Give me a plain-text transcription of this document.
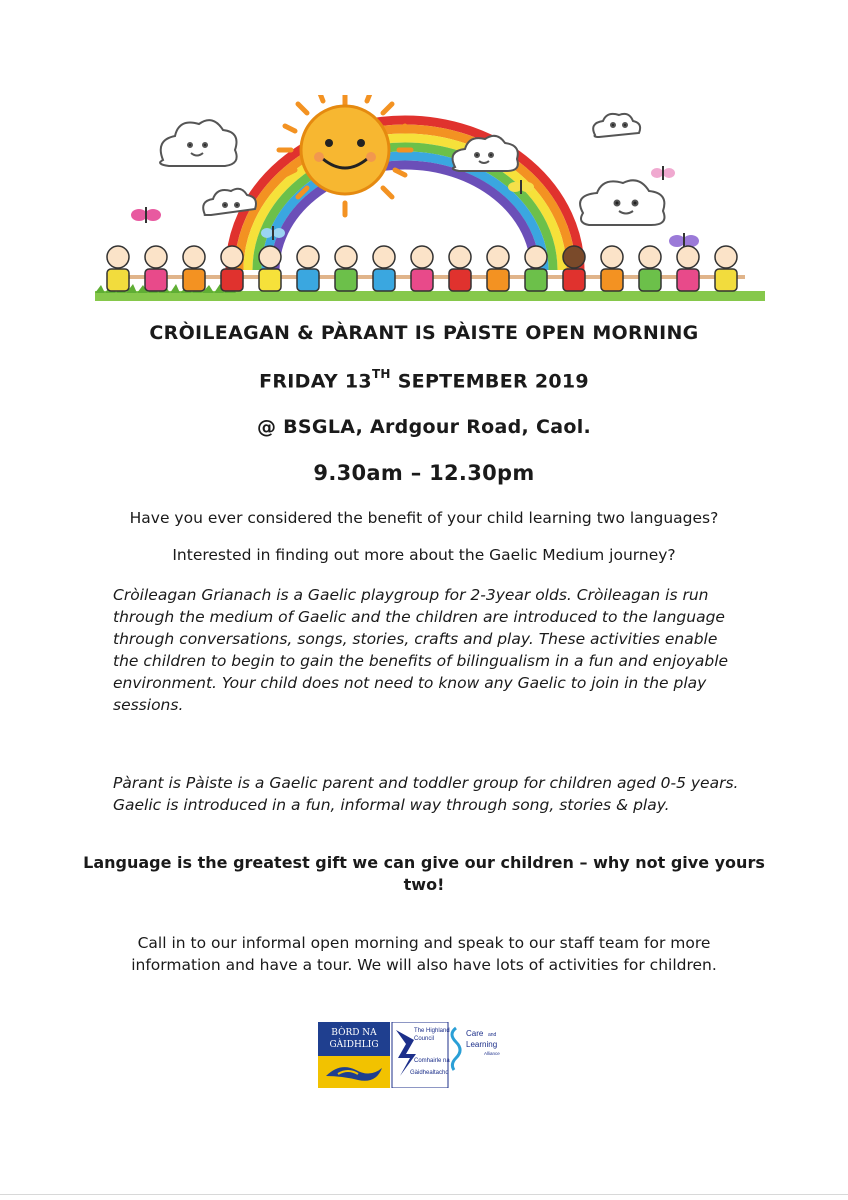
CRÒILEAGAN & PÀRANT IS PÀISTE OPEN MORNING
FRIDAY 13TH SEPTEMBER 2019
@ BSGLA, Ardgour Road, Caol.
9.30am – 12.30pm
Have you ever considered the benefit of your child learning two languages?
Interested in finding out more about the Gaelic Medium journey?
Cròileagan Grianach is a Gaelic playgroup for 2-3year olds. Cròileagan is run
through the medium of Gaelic and the children are introduced to the language
through conversations, songs, stories, crafts and play. These activities enable
the children to begin to gain the benefits of bilingualism in a fun and enjoyable
environment. Your child does not need to know any Gaelic to join in the play
sessions.
Pàrant is Pàiste is a Gaelic parent and toddler group for children aged 0-5 years.
Gaelic is introduced in a fun, informal way through song, stories & play.
Language is the greatest gift we can give our children – why not give yours
two!
Call in to our informal open morning and speak to our staff team for more
information and have a tour. We will also have lots of activities for children.
BÒRD NA
GÀIDHLIG
The Highland
Council
Comhairle na
Gàidhealtachd
Care and
Learning
Alliance
